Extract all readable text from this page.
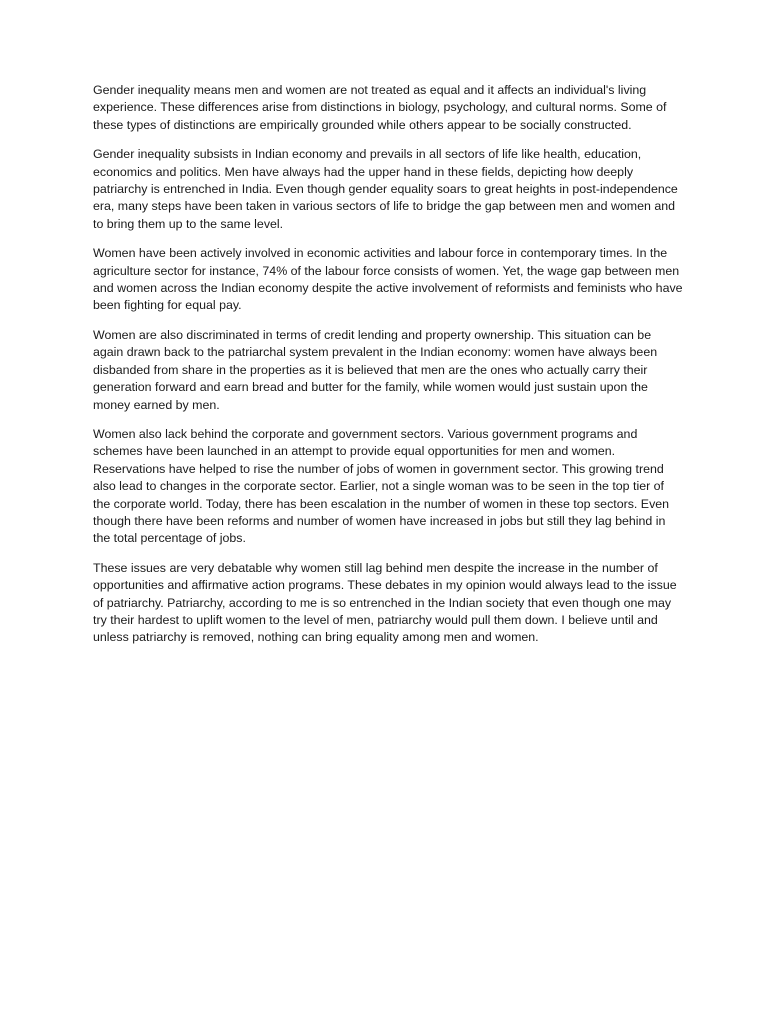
Gender inequality means men and women are not treated as equal and it affects an individual's living experience. These differences arise from distinctions in biology, psychology, and cultural norms. Some of these types of distinctions are empirically grounded while others appear to be socially constructed.

Gender inequality subsists in Indian economy and prevails in all sectors of life like health, education, economics and politics. Men have always had the upper hand in these fields, depicting how deeply patriarchy is entrenched in India. Even though gender equality soars to great heights in post-independence era, many steps have been taken in various sectors of life to bridge the gap between men and women and to bring them up to the same level.

Women have been actively involved in economic activities and labour force in contemporary times. In the agriculture sector for instance, 74% of the labour force consists of women. Yet, the wage gap between men and women across the Indian economy despite the active involvement of reformists and feminists who have been fighting for equal pay.

Women are also discriminated in terms of credit lending and property ownership. This situation can be again drawn back to the patriarchal system prevalent in the Indian economy: women have always been disbanded from share in the properties as it is believed that men are the ones who actually carry their generation forward and earn bread and butter for the family, while women would just sustain upon the money earned by men.

Women also lack behind the corporate and government sectors. Various government programs and schemes have been launched in an attempt to provide equal opportunities for men and women. Reservations have helped to rise the number of jobs of women in government sector. This growing trend also lead to changes in the corporate sector. Earlier, not a single woman was to be seen in the top tier of the corporate world. Today, there has been escalation in the number of women in these top sectors. Even though there have been reforms and number of women have increased in jobs but still they lag behind in the total percentage of jobs.

These issues are very debatable why women still lag behind men despite the increase in the number of opportunities and affirmative action programs. These debates in my opinion would always lead to the issue of patriarchy. Patriarchy, according to me is so entrenched in the Indian society that even though one may try their hardest to uplift women to the level of men, patriarchy would pull them down. I believe until and unless patriarchy is removed, nothing can bring equality among men and women.
